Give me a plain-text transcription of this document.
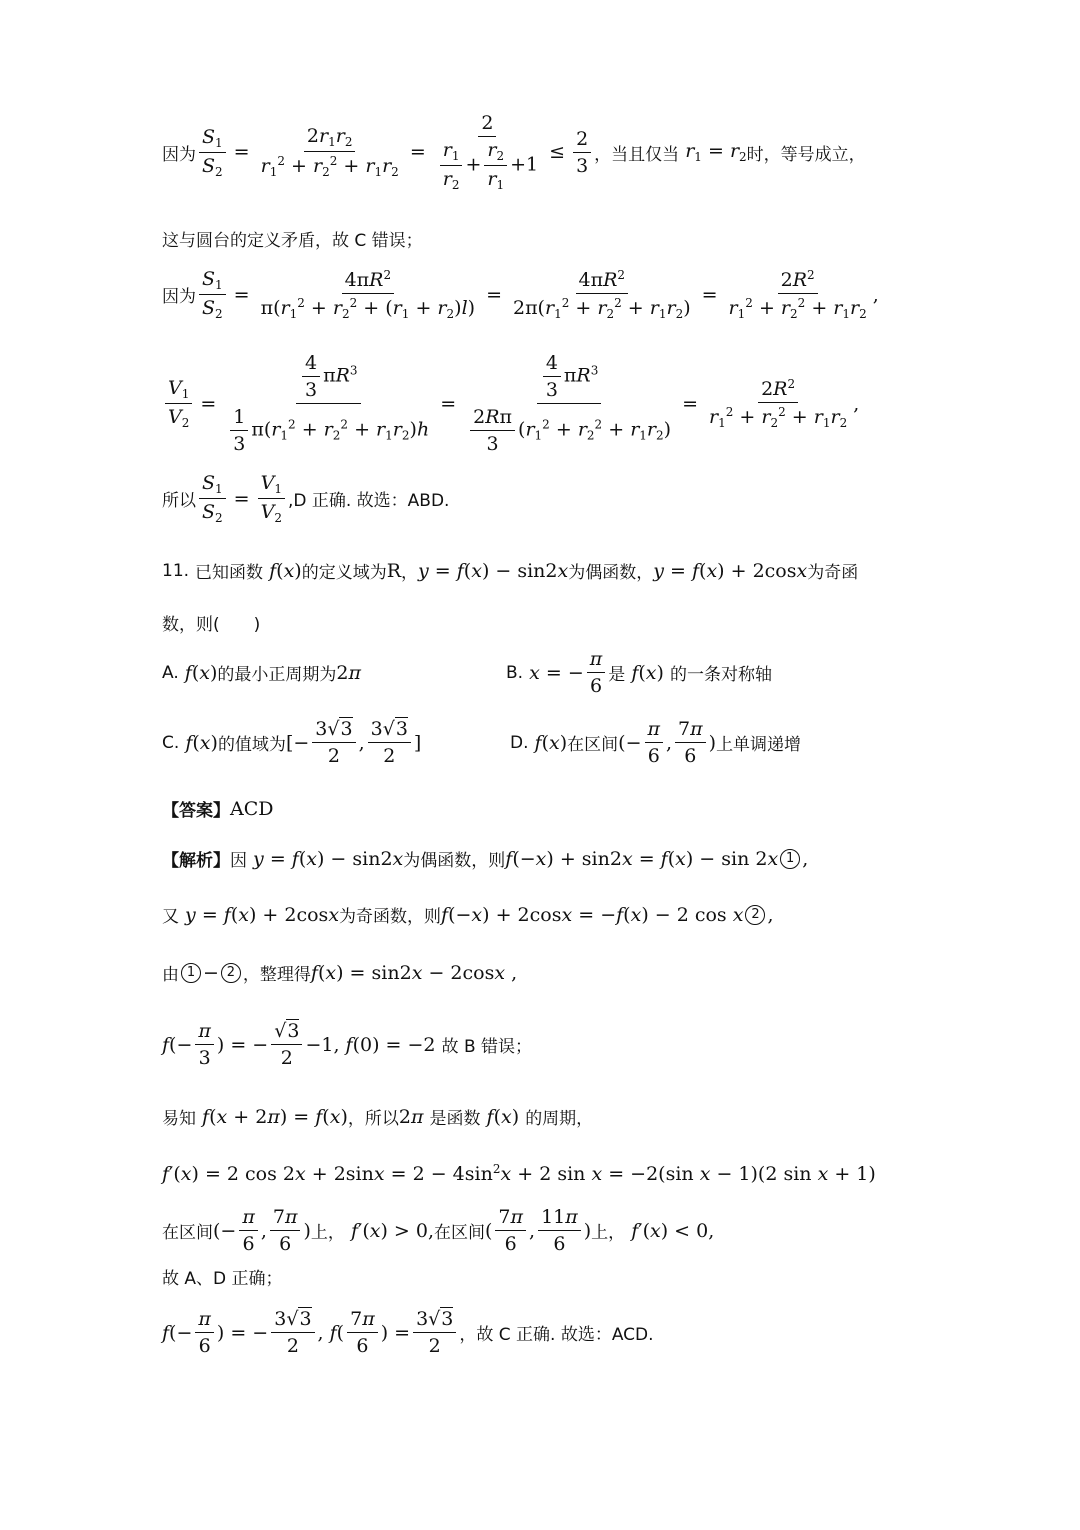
因为 $\frac{S_1}{S_2} = \frac{2r_1r_2}{r_1^2 + r_2^2 + r_1r_2} = \frac{2}{\frac{r_1}{r_2} + \frac{r_2}{r_1} +1} \le \frac{2}{3}$ ，当且仅当 $r_1 = r_2$ 时，等号成立，
这与圆台的定义矛盾，故 C 错误；
因为 $\frac{S_1}{S_2} = \frac{4\pi R^2}{\pi(r_1^2 + r_2^2 + (r_1 + r_2)l)} = \frac{4\pi R^2}{2\pi(r_1^2 + r_2^2 + r_1r_2)} = \frac{2R^2}{r_1^2 + r_2^2 + r_1r_2}$ ,
$\frac{V_1}{V_2} = \frac{\frac{4}{3} \pi R^3}{\frac{1}{3} \pi(r_1^2 + r_2^2 + r_1r_2)h} = \frac{\frac{4}{3} \pi R^3}{\frac{2R\pi}{3} (r_1^2 + r_2^2 + r_1r_2)} = \frac{2R^2}{r_1^2 + r_2^2 + r_1r_2}$ ,
所以 $\frac{S_1}{S_2} = \frac{V_1}{V_2} ,D$ 正确. 故选：ABD.
11. 已知函数 f(x) 的定义域为 R ， y = f(x) − sin2x 为偶函数， y = f(x) + 2cosx 为奇函
数，则(　　)
A. f(x) 的最小正周期为 2π	B. x = − $\frac{\pi}{6}$ 是 f(x) 的一条对称轴
C. f(x) 的值域为 [− $\frac{3√3}{2}$ , $\frac{3√3}{2}$ ]	D. f(x) 在区间 (− $\frac{\pi}{6}$ , $\frac{7\pi}{6}$ ) 上单调递增
【答案】 ACD
【解析】 因 y = f(x) − sin2x 为偶函数，则 f(−x) + sin2x = f(x) − sin 2x 1 ,
又 y = f(x) + 2cosx 为奇函数，则 f(−x) + 2cosx = −f(x) − 2 cos x 2 ,
由 1 − 2 ，整理得 f(x) = sin2x − 2cosx ,
$f(- \frac{\pi}{3}$ ) = − $\frac{√3}{2} -1$, f(0) = −2 故 B 错误；
易知 f(x + 2π) = f(x) ，所以 2π 是函数 f(x) 的周期，
f′(x) = 2 $\cos 2x + 2\sin x = 2 - 4\sin^2x + 2$ sin x = −2(sin x − 1)(2 sin x + 1)
在区间 (− $\frac{\pi}{6}$ , $\frac{7\pi}{6}$ ) 上， f′(x) > 0, 在区间 ( $\frac{7\pi}{6}$ , $\frac{11\pi}{6}$ ) 上， f′(x) < 0,
故 A、D 正确；
$f(- \frac{\pi}{6}$ ) = − $\frac{3√3}{2}$ , $f( \frac{7\pi}{6}$ ) = $\frac{3√3}{2}$ ，故 C 正确. 故选：ACD.
